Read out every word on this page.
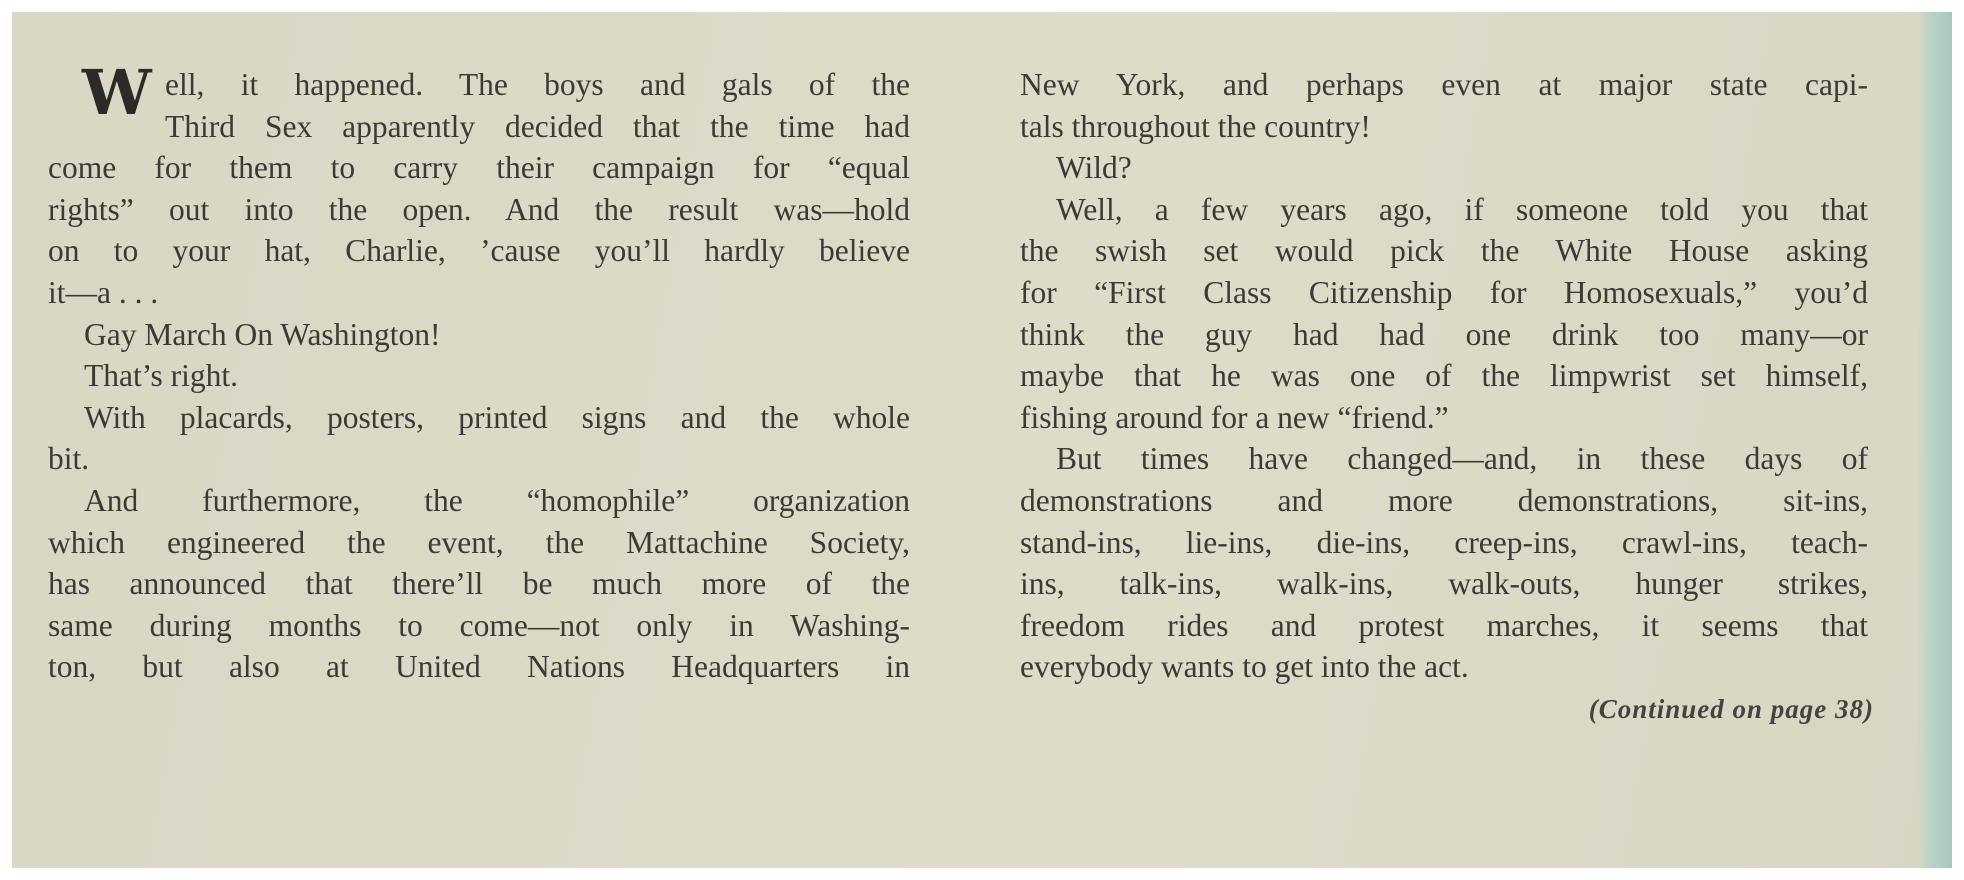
W ell, it happened. The boys and gals of the
Third Sex apparently decided that the time had
come for them to carry their campaign for “equal
rights” out into the open. And the result was—hold
on to your hat, Charlie, ’cause you’ll hardly believe
it—a . . .
Gay March On Washington!
That’s right.
With placards, posters, printed signs and the whole
bit.
And furthermore, the “homophile” organization
which engineered the event, the Mattachine Society,
has announced that there’ll be much more of the
same during months to come—not only in Washing-
ton, but also at United Nations Headquarters in
New York, and perhaps even at major state capi-
tals throughout the country!
Wild?
Well, a few years ago, if someone told you that
the swish set would pick the White House asking
for “First Class Citizenship for Homosexuals,” you’d
think the guy had had one drink too many—or
maybe that he was one of the limpwrist set himself,
fishing around for a new “friend.”
But times have changed—and, in these days of
demonstrations and more demonstrations, sit-ins,
stand-ins, lie-ins, die-ins, creep-ins, crawl-ins, teach-
ins, talk-ins, walk-ins, walk-outs, hunger strikes,
freedom rides and protest marches, it seems that
everybody wants to get into the act.
(Continued on page 38)
